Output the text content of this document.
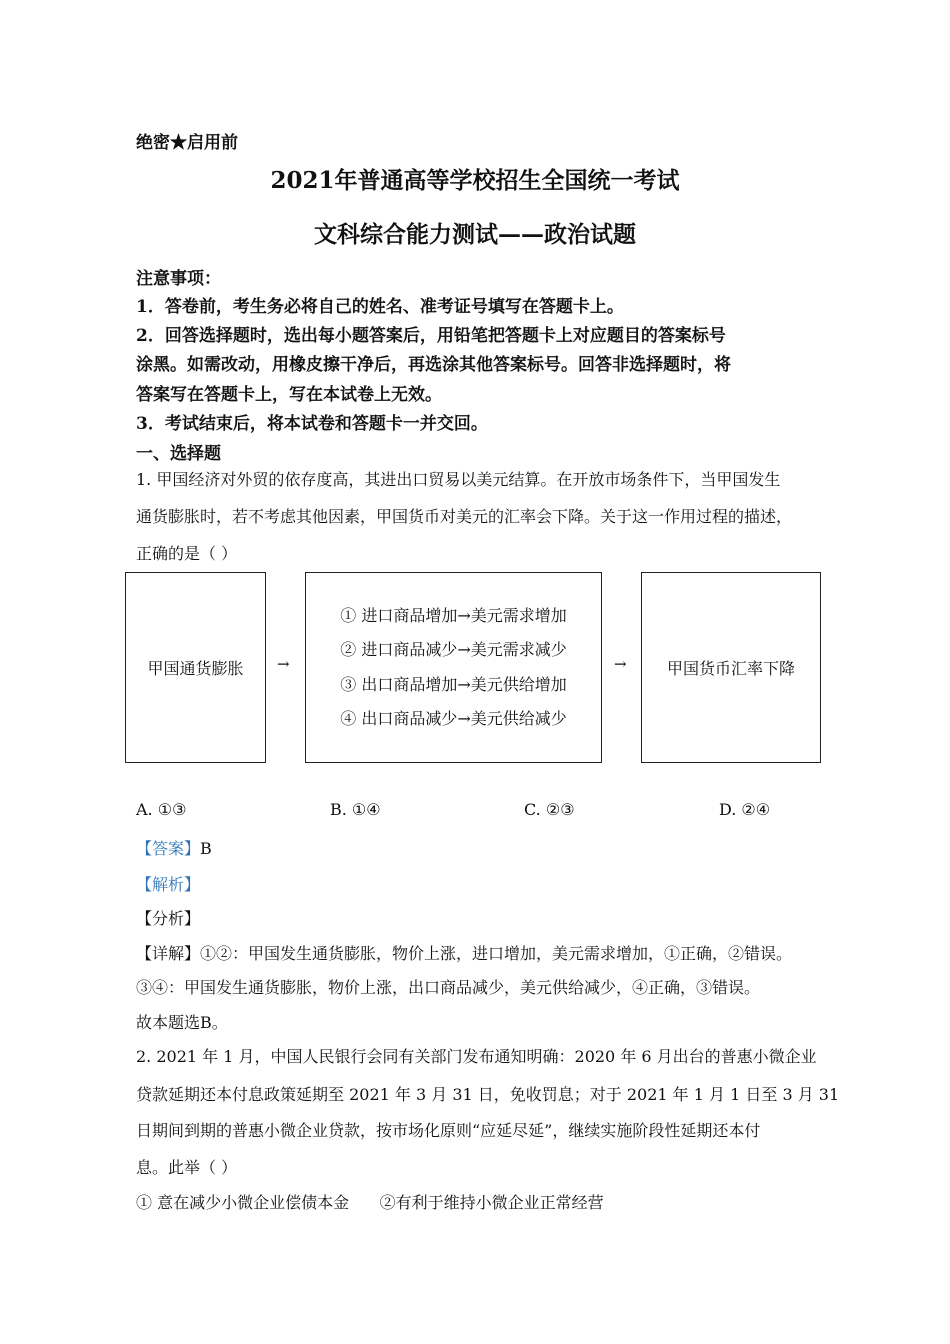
绝密★启用前
2021年普通高等学校招生全国统一考试
文科综合能力测试——政治试题
注意事项：
1．答卷前，考生务必将自己的姓名、准考证号填写在答题卡上。
2．回答选择题时，选出每小题答案后，用铅笔把答题卡上对应题目的答案标号
涂黑。如需改动，用橡皮擦干净后，再选涂其他答案标号。回答非选择题时，将
答案写在答题卡上，写在本试卷上无效。
3．考试结束后，将本试卷和答题卡一并交回。
一、选择题
1. 甲国经济对外贸的依存度高，其进出口贸易以美元结算。在开放市场条件下，当甲国发生
通货膨胀时，若不考虑其他因素，甲国货币对美元的汇率会下降。关于这一作用过程的描述，
正确的是（ ）
甲国通货膨胀 →
① 进口商品增加→美元需求增加
② 进口商品减少→美元需求减少
③ 出口商品增加→美元供给增加
④ 出口商品减少→美元供给减少
→	甲国货币汇率下降
A. ①③	B. ①④	C. ②③	D. ②④
【答案】B
【解析】
【分析】
【详解】①②：甲国发生通货膨胀，物价上涨，进口增加，美元需求增加，①正确，②错误。
③④：甲国发生通货膨胀，物价上涨，出口商品减少，美元供给减少，④正确，③错误。
故本题选B。
2. 2021 年 1 月，中国人民银行会同有关部门发布通知明确：2020 年 6 月出台的普惠小微企业
贷款延期还本付息政策延期至 2021 年 3 月 31 日，免收罚息；对于 2021 年 1 月 1 日至 3 月 31
日期间到期的普惠小微企业贷款，按市场化原则“应延尽延”，继续实施阶段性延期还本付
息。此举（ ）
① 意在减少小微企业偿债本金      ②有利于维持小微企业正常经营
